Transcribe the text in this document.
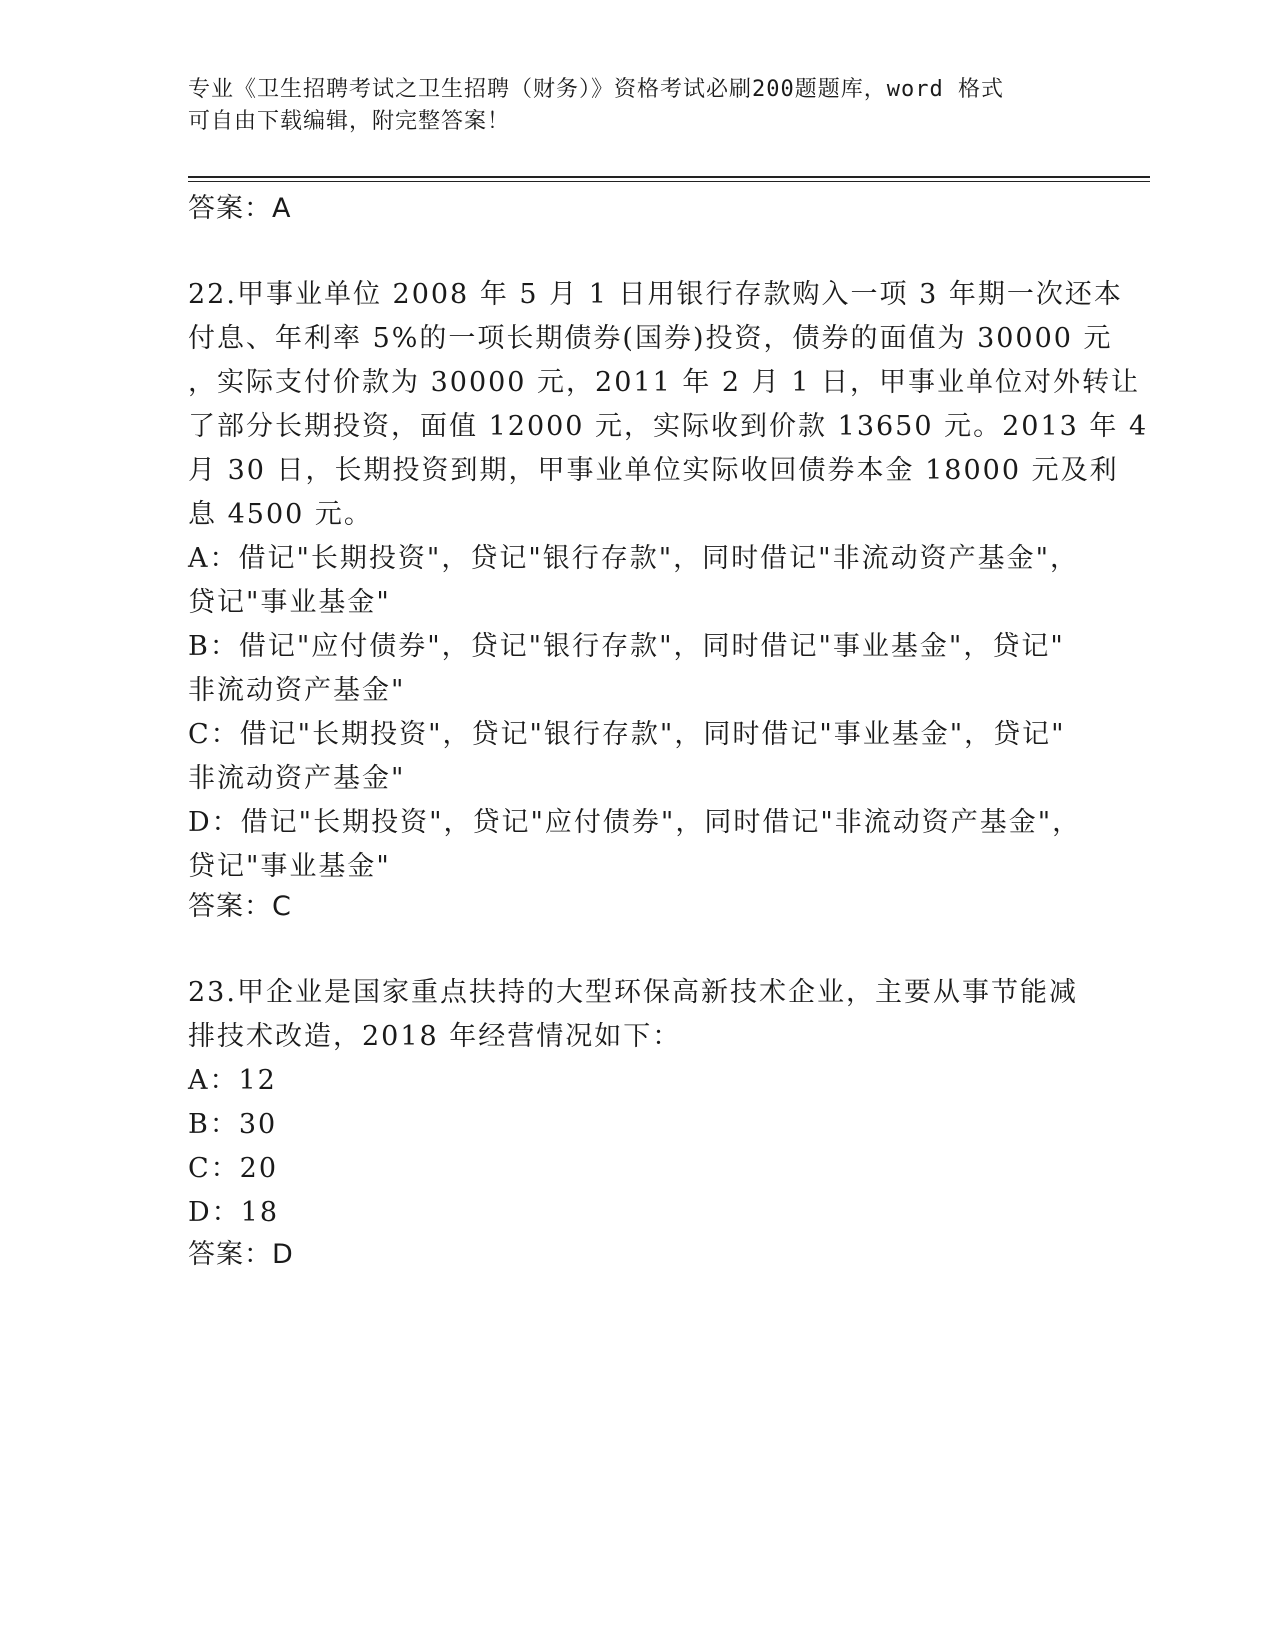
专业《卫生招聘考试之卫生招聘（财务）》资格考试必刷200题题库，word 格式
可自由下载编辑，附完整答案！
答案：A
22.甲事业单位 2008 年 5 月 1 日用银行存款购入一项 3 年期一次还本
付息、年利率 5%的一项长期债券(国券)投资，债券的面值为 30000 元
，实际支付价款为 30000 元，2011 年 2 月 1 日，甲事业单位对外转让
了部分长期投资，面值 12000 元，实际收到价款 13650 元。2013 年 4
月 30 日，长期投资到期，甲事业单位实际收回债券本金 18000 元及利
息 4500 元。
A：借记"长期投资"，贷记"银行存款"，同时借记"非流动资产基金"，
贷记"事业基金"
B：借记"应付债券"，贷记"银行存款"，同时借记"事业基金"，贷记"
非流动资产基金"
C：借记"长期投资"，贷记"银行存款"，同时借记"事业基金"，贷记"
非流动资产基金"
D：借记"长期投资"，贷记"应付债券"，同时借记"非流动资产基金"，
贷记"事业基金"
答案：C
23.甲企业是国家重点扶持的大型环保高新技术企业，主要从事节能减
排技术改造，2018 年经营情况如下：
A：12
B：30
C：20
D：18
答案：D
